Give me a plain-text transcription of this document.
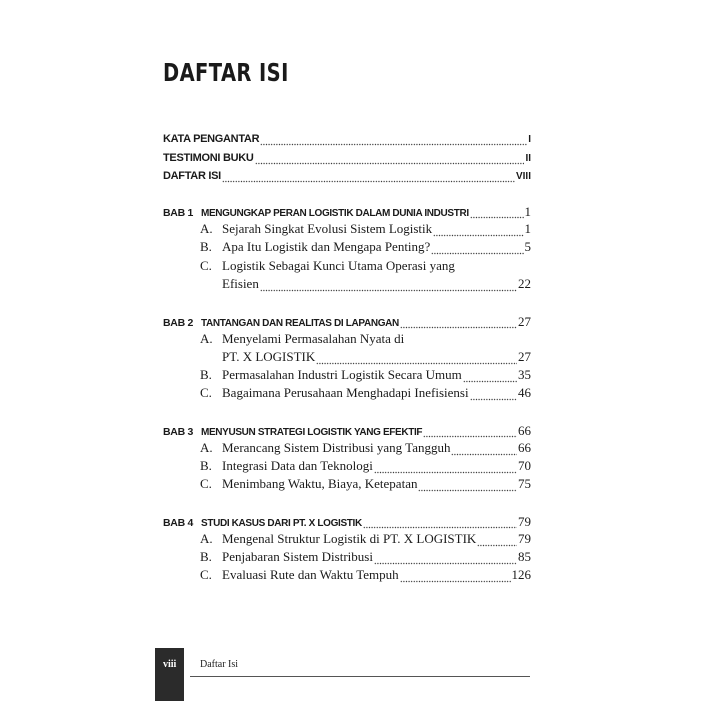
DAFTAR ISI
KATA PENGANTAR	I
TESTIMONI BUKU	II
DAFTAR ISI	VIII
BAB 1 MENGUNGKAP PERAN LOGISTIK DALAM DUNIA INDUSTRI	1
A. Sejarah Singkat Evolusi Sistem Logistik	1
B. Apa Itu Logistik dan Mengapa Penting?	5
C. Logistik Sebagai Kunci Utama Operasi yang
Efisien	22
BAB 2 TANTANGAN DAN REALITAS DI LAPANGAN	27
A. Menyelami Permasalahan Nyata di
PT. X LOGISTIK	27
B. Permasalahan Industri Logistik Secara Umum	35
C. Bagaimana Perusahaan Menghadapi Inefisiensi	46
BAB 3 MENYUSUN STRATEGI LOGISTIK YANG EFEKTIF	66
A. Merancang Sistem Distribusi yang Tangguh	66
B. Integrasi Data dan Teknologi	70
C. Menimbang Waktu, Biaya, Ketepatan	75
BAB 4 STUDI KASUS DARI PT. X LOGISTIK	79
A. Mengenal Struktur Logistik di PT. X LOGISTIK	79
B. Penjabaran Sistem Distribusi	85
C. Evaluasi Rute dan Waktu Tempuh	126
viii Daftar Isi
